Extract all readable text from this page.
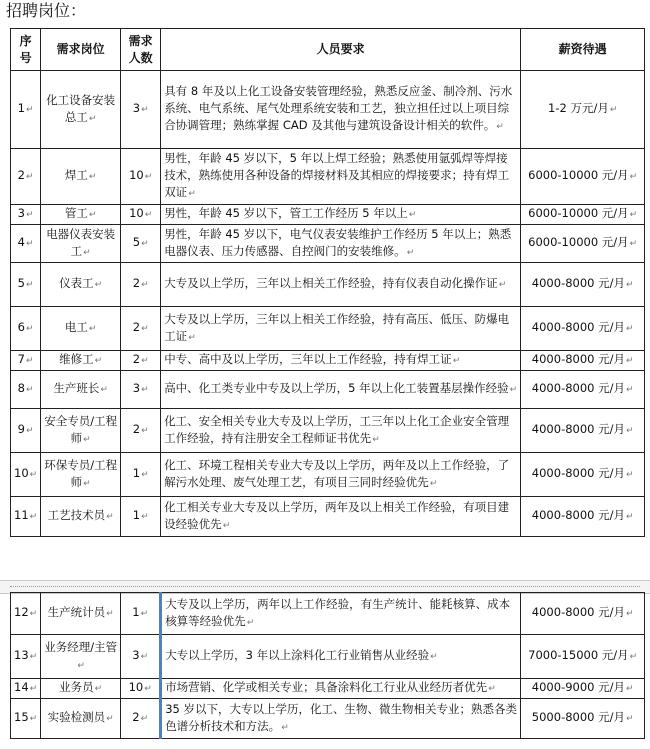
招聘岗位：
序号	需求岗位	需求人数	人员要求	薪资待遇
1↵	化工设备安装总工↵	3↵	具有 8 年及以上化工设备安装管理经验，熟悉反应釜、制冷剂、污水系统、电气系统、尾气处理系统安装和工艺，独立担任过以上项目综合协调管理；熟练掌握 CAD 及其他与建筑设备设计相关的软件。↵	1-2 万元/月↵
2↵	焊工↵	10↵	男性，年龄 45 岁以下，5 年以上焊工经验；熟悉使用氩弧焊等焊接技术，熟练使用各种设备的焊接材料及其相应的焊接要求；持有焊工双证↵	6000-10000 元/月↵
3↵	管工↵	10↵	男性，年龄 45 岁以下，管工工作经历 5 年以上↵	6000-10000 元/月↵
4↵	电器仪表安装工↵	5↵	男性，年龄 45 岁以下，电气仪表安装维护工作经历 5 年以上；熟悉电器仪表、压力传感器、自控阀门的安装维修。↵	6000-10000 元/月↵
5↵	仪表工↵	2↵	大专及以上学历，三年以上相关工作经验，持有仪表自动化操作证↵	4000-8000 元/月↵
6↵	电工↵	2↵	大专及以上学历，三年以上相关工作经验，持有高压、低压、防爆电工证↵	4000-8000 元/月↵
7↵	维修工↵	2↵	中专、高中及以上学历，三年以上工作经验，持有焊工证↵	4000-8000 元/月↵
8↵	生产班长↵	3↵	高中、化工类专业中专及以上学历，5 年以上化工装置基层操作经验↵	4000-8000 元/月↵
9↵	安全专员/工程师↵	2↵	化工、安全相关专业大专及以上学历，工三年以上化工企业安全管理工作经验，持有注册安全工程师证书优先↵	4000-8000 元/月↵
10↵	环保专员/工程师↵	1↵	化工、环境工程相关专业大专及以上学历，两年及以上工作经验，了解污水处理、废气处理工艺，有项目三同时经验优先↵	4000-8000 元/月↵
11↵	工艺技术员↵	1↵	化工相关专业大专及以上学历，两年及以上相关工作经验，有项目建设经验优先↵	4000-8000 元/月↵
12↵	生产统计员↵	1↵	大专及以上学历，两年以上工作经验，有生产统计、能耗核算、成本核算等经验优先↵	4000-8000 元/月↵
13↵	业务经理/主管↵	3↵	大专以上学历，3 年以上涂料化工行业销售从业经验↵	7000-15000 元/月↵
14↵	业务员↵	10↵	市场营销、化学或相关专业；具备涂料化工行业从业经历者优先↵	4000-9000 元/月↵
15↵	实验检测员↵	2↵	35 岁以下，大专以上学历，化工、生物、微生物相关专业；熟悉各类色谱分析技术和方法。↵	5000-8000 元/月↵
